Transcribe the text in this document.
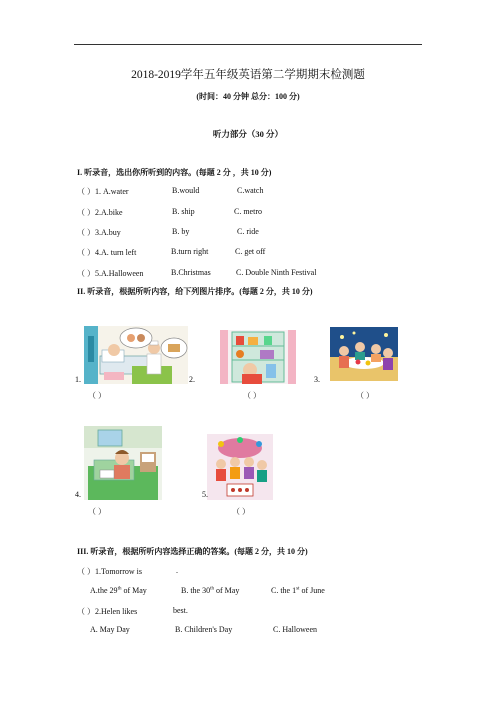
2018-2019学年五年级英语第二学期期末检测题
(时间：40 分钟 总分：100 分)
听力部分（30 分）
I. 听录音，选出你所听到的内容。(每题 2 分 ，共 10 分)
（ ）1. A.water	B.would	C.watch
（ ）2.A.bike	B. ship	C. metro
（ ）3.A.buy	B. by	C. ride
（ ）4.A. turn left	B.turn right	C. get off
（ ）5.A.Halloween	B.Christmas	C. Double Ninth Festival
II. 听录音，根据所听内容，给下列图片排序。(每题 2 分，共 10 分)
1.
（ ）
2.
（ ）
3.
（ ）
4.
（ ）
5.
（ ）
III. 听录音，根据所听内容选择正确的答案。(每题 2 分，共 10 分)
（ ）1.Tomorrow is	.
A.the 29th of May	B. the 30th of May	C. the 1st of June
（ ）2.Helen likes	best.
A. May Day	B. Children's Day	C. Halloween
